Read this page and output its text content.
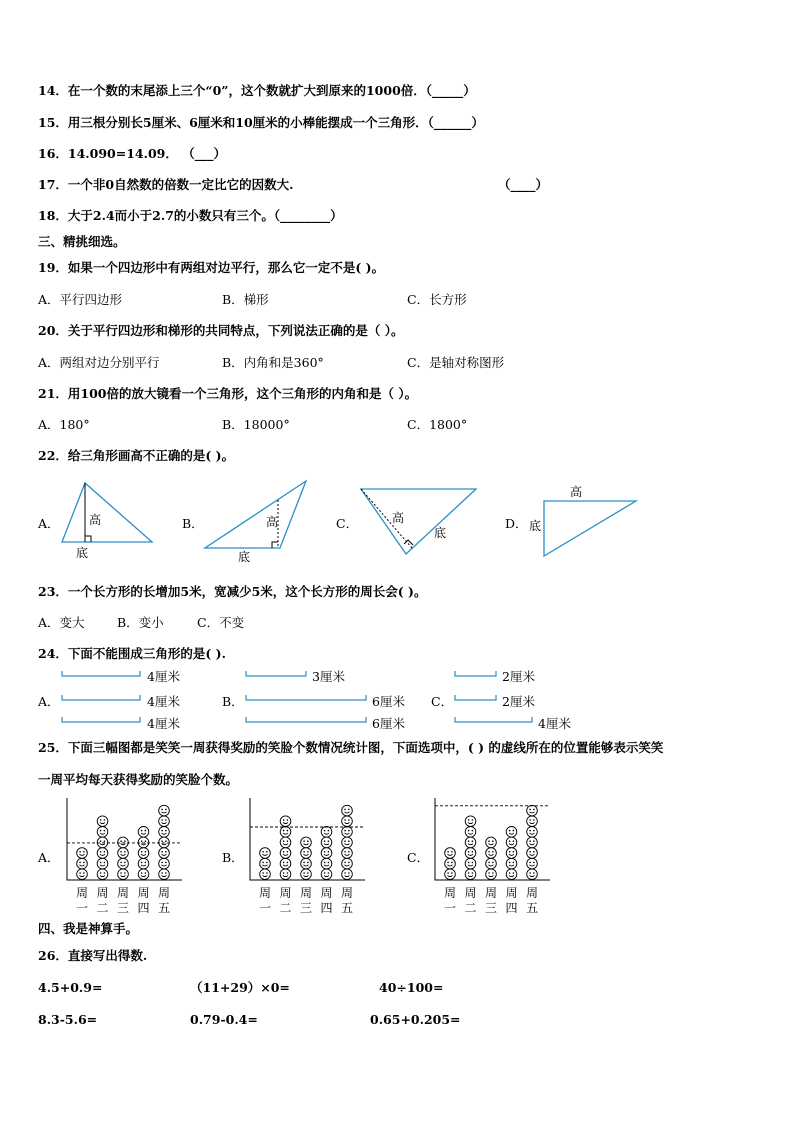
14．在一个数的末尾添上三个“0”，这个数就扩大到原来的1000倍．（_____）
15．用三根分别长5厘米、6厘米和10厘米的小棒能摆成一个三角形．（______）
16．14.090=14.09． （___）
17．一个非0自然数的倍数一定比它的因数大.	（____）
18．大于2.4而小于2.7的小数只有三个。（________）
三、精挑细选。
19．如果一个四边形中有两组对边平行，那么它一定不是( )。
A．平行四边形	B．梯形	C．长方形
20．关于平行四边形和梯形的共同特点，下列说法正确的是（ ）。
A．两组对边分别平行	B．内角和是360°	C．是轴对称图形
21．用100倍的放大镜看一个三角形，这个三角形的内角和是（ ）。
A．180°	B．18000°	C．1800°
22．给三角形画高不正确的是( )。
A．	B．	C．	D．
高
底
高
底
高
底
高
底
周
一
周
二
周
三
周
四
周
五
周
一
周
二
周
三
周
四
周
五
周
一
周
二
周
三
周
四
周
五
23．一个长方形的长增加5米，宽减少5米，这个长方形的周长会( )。
A．变大	B．变小	C．不变
24．下面不能围成三角形的是( ).
A．	B．	C．
4厘米
4厘米
4厘米
3厘米
6厘米
6厘米
2厘米
2厘米
4厘米
25．下面三幅图都是笑笑一周获得奖励的笑脸个数情况统计图，下面选项中，( ) 的虚线所在的位置能够表示笑笑
一周平均每天获得奖励的笑脸个数。
A．	B．	C．
四、我是神算手。
26．直接写出得数.
4.5+0.9=	（11+29）×0=	40÷100=
8.3-5.6=	0.79-0.4=	0.65+0.205=
